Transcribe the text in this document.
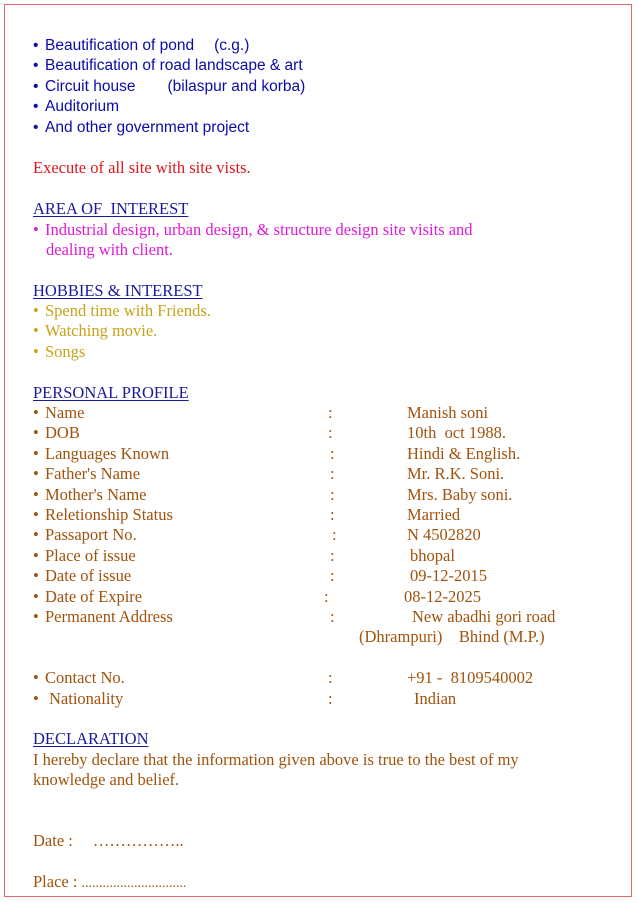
• Beautification of pond (c.g.)
• Beautification of road landscape & art
• Circuit house (bilaspur and korba)
• Auditorium
• And other government project
Execute of all site with site vists.
AREA OF  INTEREST
• Industrial design, urban design, & structure design site visits and
dealing with client.
HOBBIES & INTEREST
• Spend time with Friends.
• Watching movie.
• Songs
PERSONAL PROFILE
• Name	:	Manish soni
• DOB	:	10th  oct 1988.
• Languages Known	:	Hindi & English.
• Father's Name	:	Mr. R.K. Soni.
• Mother's Name	:	Mrs. Baby soni.
• Reletionship Status	:	Married
• Passaport No.	:	N 4502820
• Place of issue	:	bhopal
• Date of issue	:	09-12-2015
• Date of Expire	:	08-12-2025
• Permanent Address	:	New abadhi gori road
(Dhrampuri)    Bhind (M.P.)
• Contact No.	:	+91 -  8109540002
• Nationality	:	Indian
DECLARATION
I hereby declare that the information given above is true to the best of my
knowledge and belief.
Date : ……………..
Place : ..............................
